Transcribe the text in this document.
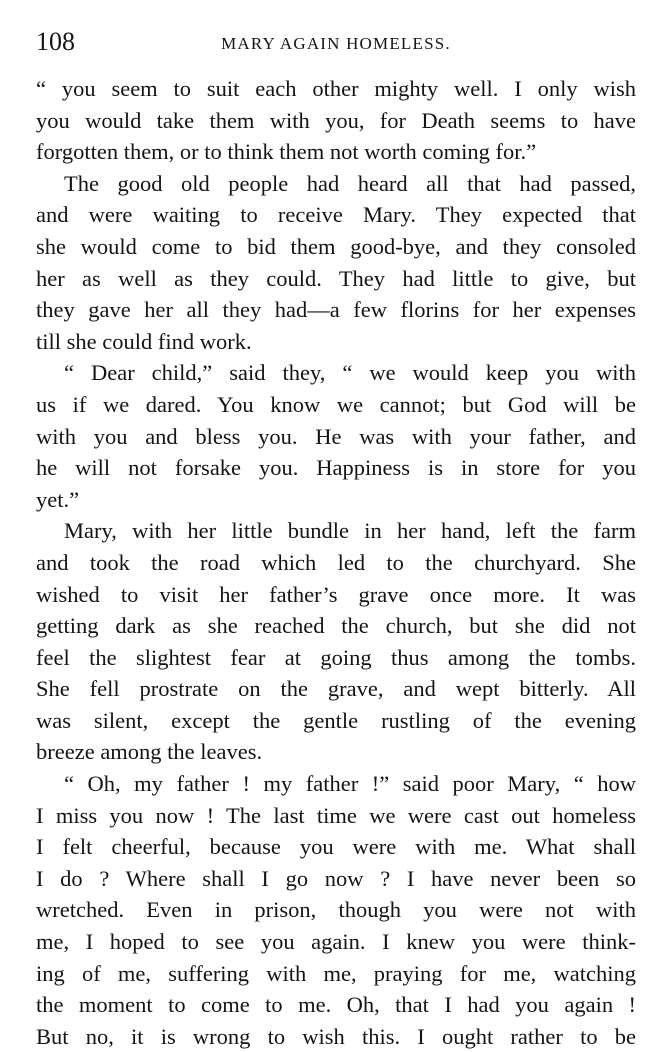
108	MARY AGAIN HOMELESS.
“ you seem to suit each other mighty well. I only wish
you would take them with you, for Death seems to have
forgotten them, or to think them not worth coming for.”
The good old people had heard all that had passed,
and were waiting to receive Mary. They expected that
she would come to bid them good-bye, and they consoled
her as well as they could. They had little to give, but
they gave her all they had—a few florins for her expenses
till she could find work.
“ Dear child,” said they, “ we would keep you with
us if we dared. You know we cannot; but God will be
with you and bless you. He was with your father, and
he will not forsake you. Happiness is in store for you
yet.”
Mary, with her little bundle in her hand, left the farm
and took the road which led to the churchyard. She
wished to visit her father’s grave once more. It was
getting dark as she reached the church, but she did not
feel the slightest fear at going thus among the tombs.
She fell prostrate on the grave, and wept bitterly. All
was silent, except the gentle rustling of the evening
breeze among the leaves.
“ Oh, my father ! my father !” said poor Mary, “ how
I miss you now ! The last time we were cast out homeless
I felt cheerful, because you were with me. What shall
I do ? Where shall I go now ? I have never been so
wretched. Even in prison, though you were not with
me, I hoped to see you again. I knew you were think-
ing of me, suffering with me, praying for me, watching
the moment to come to me. Oh, that I had you again !
But no, it is wrong to wish this. I ought rather to be
